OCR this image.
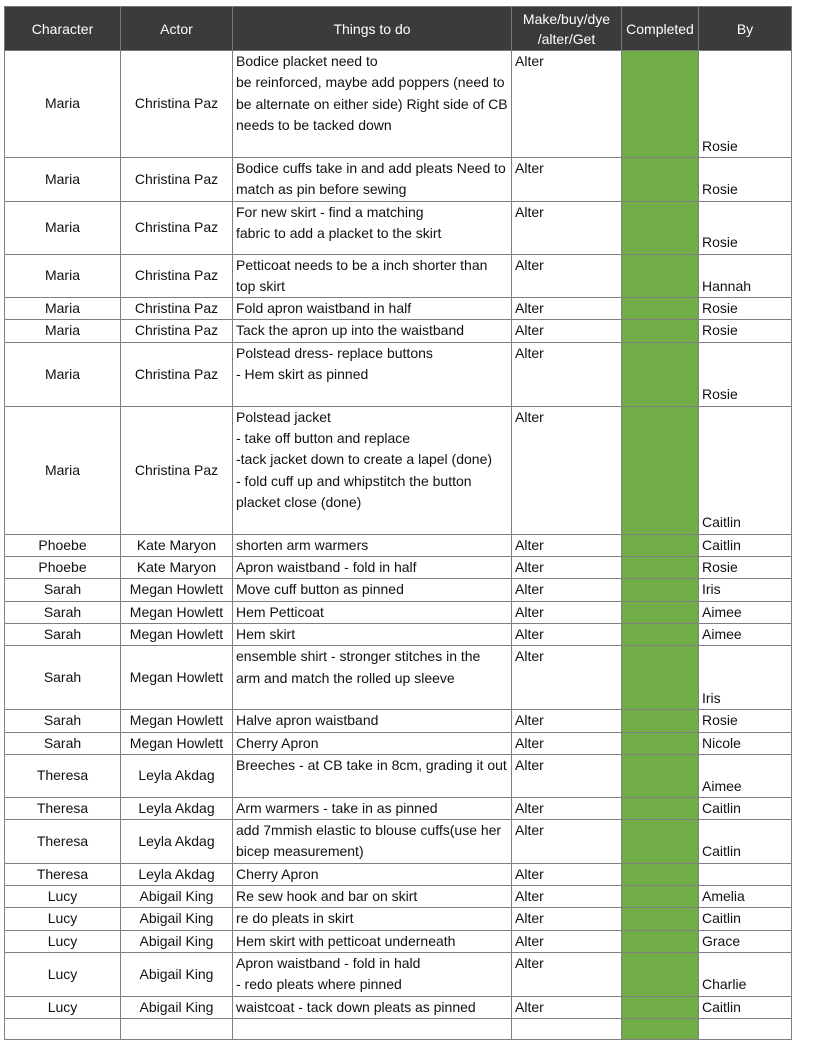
Character	Actor	Things to do	Make/buy/dye
/alter/Get	Completed	By
Maria	Christina Paz	Bodice placket need to
be reinforced, maybe add poppers (need to be alternate on either side) Right side of CB needs to be tacked down	Alter		Rosie
Maria	Christina Paz	Bodice cuffs take in and add pleats Need to match as pin before sewing	Alter		Rosie
Maria	Christina Paz	For new skirt - find a matching
fabric to add a placket to the skirt	Alter		Rosie
Maria	Christina Paz	Petticoat needs to be a inch shorter than top skirt	Alter		Hannah
Maria	Christina Paz	Fold apron waistband in half	Alter		Rosie
Maria	Christina Paz	Tack the apron up into the waistband	Alter		Rosie
Maria	Christina Paz	Polstead dress- replace buttons
- Hem skirt as pinned	Alter		Rosie
Maria	Christina Paz	Polstead jacket
- take off button and replace
-tack jacket down to create a lapel (done)
- fold cuff up and whipstitch the button placket close (done)	Alter		Caitlin
Phoebe	Kate Maryon	shorten arm warmers	Alter		Caitlin
Phoebe	Kate Maryon	Apron waistband - fold in half	Alter		Rosie
Sarah	Megan Howlett	Move cuff button as pinned	Alter		Iris
Sarah	Megan Howlett	Hem Petticoat	Alter		Aimee
Sarah	Megan Howlett	Hem skirt	Alter		Aimee
Sarah	Megan Howlett	ensemble shirt - stronger stitches in the arm and match the rolled up sleeve	Alter		Iris
Sarah	Megan Howlett	Halve apron waistband	Alter		Rosie
Sarah	Megan Howlett	Cherry Apron	Alter		Nicole
Theresa	Leyla Akdag	Breeches - at CB take in 8cm, grading it out	Alter		Aimee
Theresa	Leyla Akdag	Arm warmers - take in as pinned	Alter		Caitlin
Theresa	Leyla Akdag	add 7mmish elastic to blouse cuffs(use her bicep measurement)	Alter		Caitlin
Theresa	Leyla Akdag	Cherry Apron	Alter		
Lucy	Abigail King	Re sew hook and bar on skirt	Alter		Amelia
Lucy	Abigail King	re do pleats in skirt	Alter		Caitlin
Lucy	Abigail King	Hem skirt with petticoat underneath	Alter		Grace
Lucy	Abigail King	Apron waistband - fold in hald
- redo pleats where pinned	Alter		Charlie
Lucy	Abigail King	waistcoat - tack down pleats as pinned	Alter		Caitlin
